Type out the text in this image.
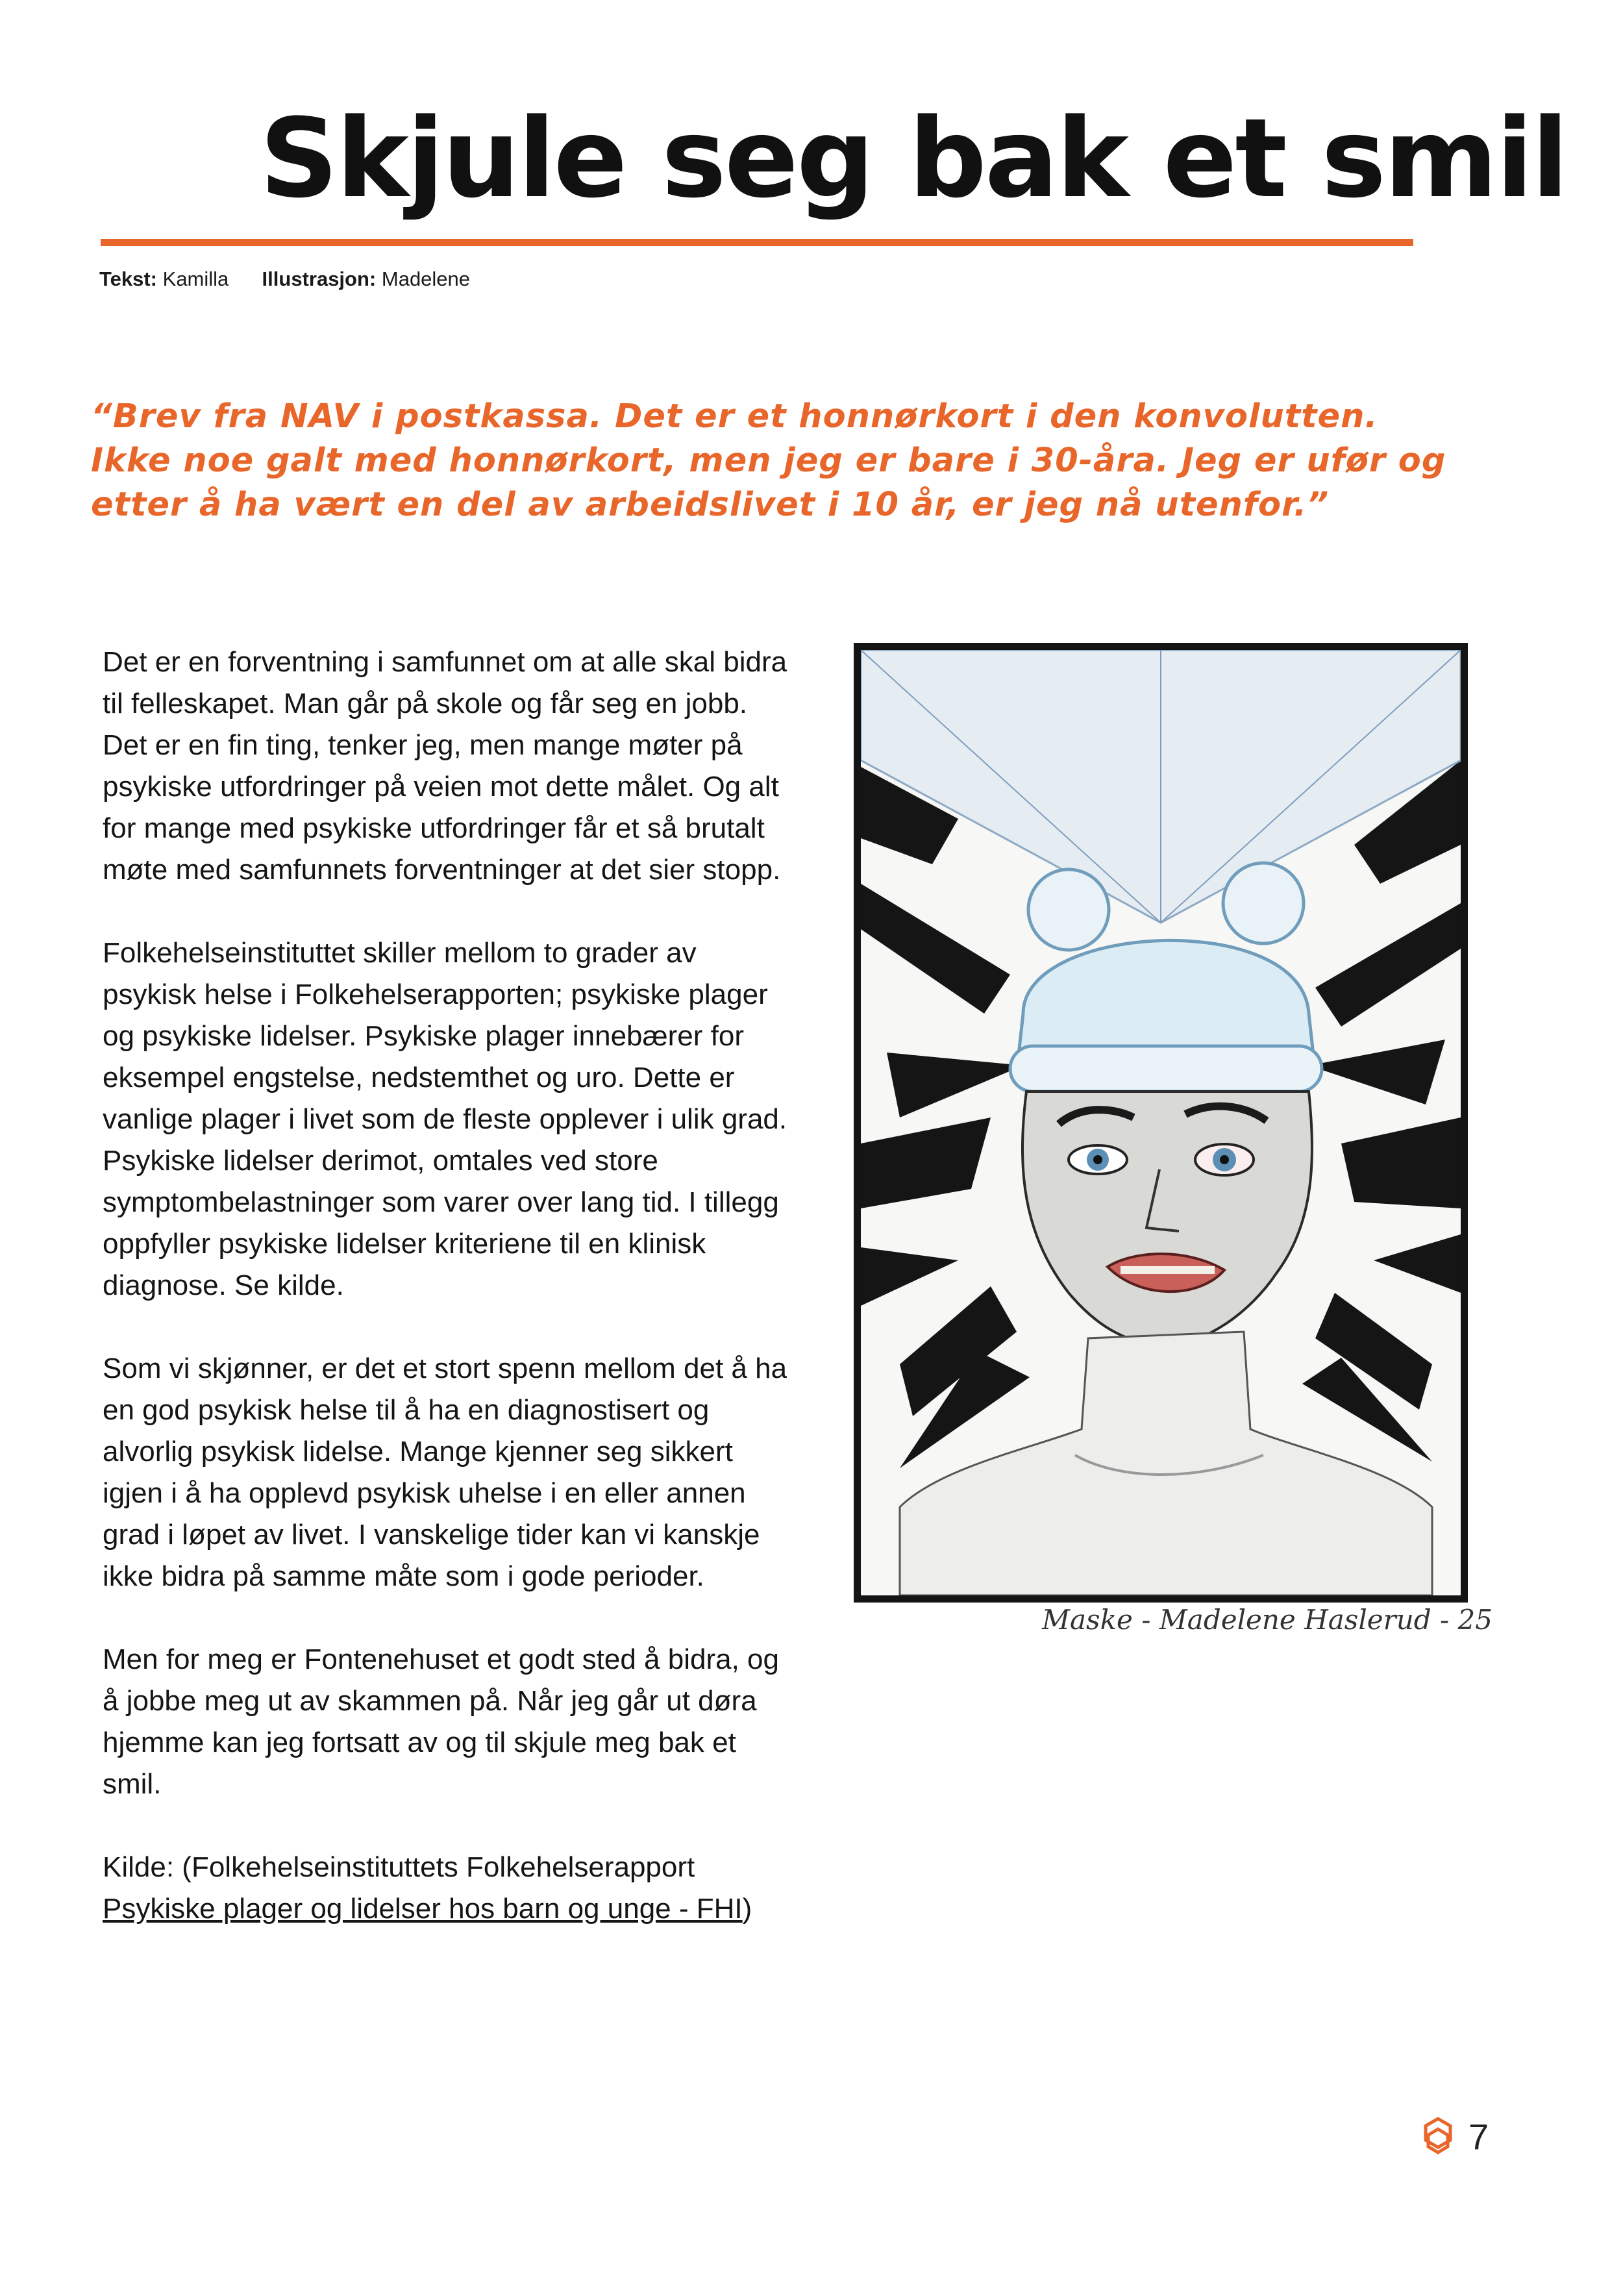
Skjule seg bak et smil
Tekst: Kamilla Illustrasjon: Madelene

“Brev fra NAV i postkassa. Det er et honnørkort i den konvolutten. Ikke noe galt med honnørkort, men jeg er bare i 30-åra. Jeg er ufør og etter å ha vært en del av arbeidslivet i 10 år, er jeg nå utenfor.”

Det er en forventning i samfunnet om at alle skal bidra til felleskapet. Man går på skole og får seg en jobb. Det er en fin ting, tenker jeg, men mange møter på psykiske utfordringer på veien mot dette målet. Og alt for mange med psykiske utfordringer får et så brutalt møte med samfunnets forventninger at det sier stopp.

Folkehelseinstituttet skiller mellom to grader av psykisk helse i Folkehelserapporten; psykiske plager og psykiske lidelser. Psykiske plager innebærer for eksempel engstelse, nedstemthet og uro. Dette er vanlige plager i livet som de fleste opplever i ulik grad. Psykiske lidelser derimot, omtales ved store symptombelastninger som varer over lang tid. I tillegg oppfyller psykiske lidelser kriteriene til en klinisk diagnose. Se kilde.

Som vi skjønner, er det et stort spenn mellom det å ha en god psykisk helse til å ha en diagnostisert og alvorlig psykisk lidelse. Mange kjenner seg sikkert igjen i å ha opplevd psykisk uhelse i en eller annen grad i løpet av livet. I vanskelige tider kan vi kanskje ikke bidra på samme måte som i gode perioder.

Men for meg er Fontenehuset et godt sted å bidra, og å jobbe meg ut av skammen på. Når jeg går ut døra hjemme kan jeg fortsatt av og til skjule meg bak et smil.

Kilde: (Folkehelseinstituttets Folkehelserapport
Psykiske plager og lidelser hos barn og unge - FHI)

Maske - Madelene Haslerud - 25
7
